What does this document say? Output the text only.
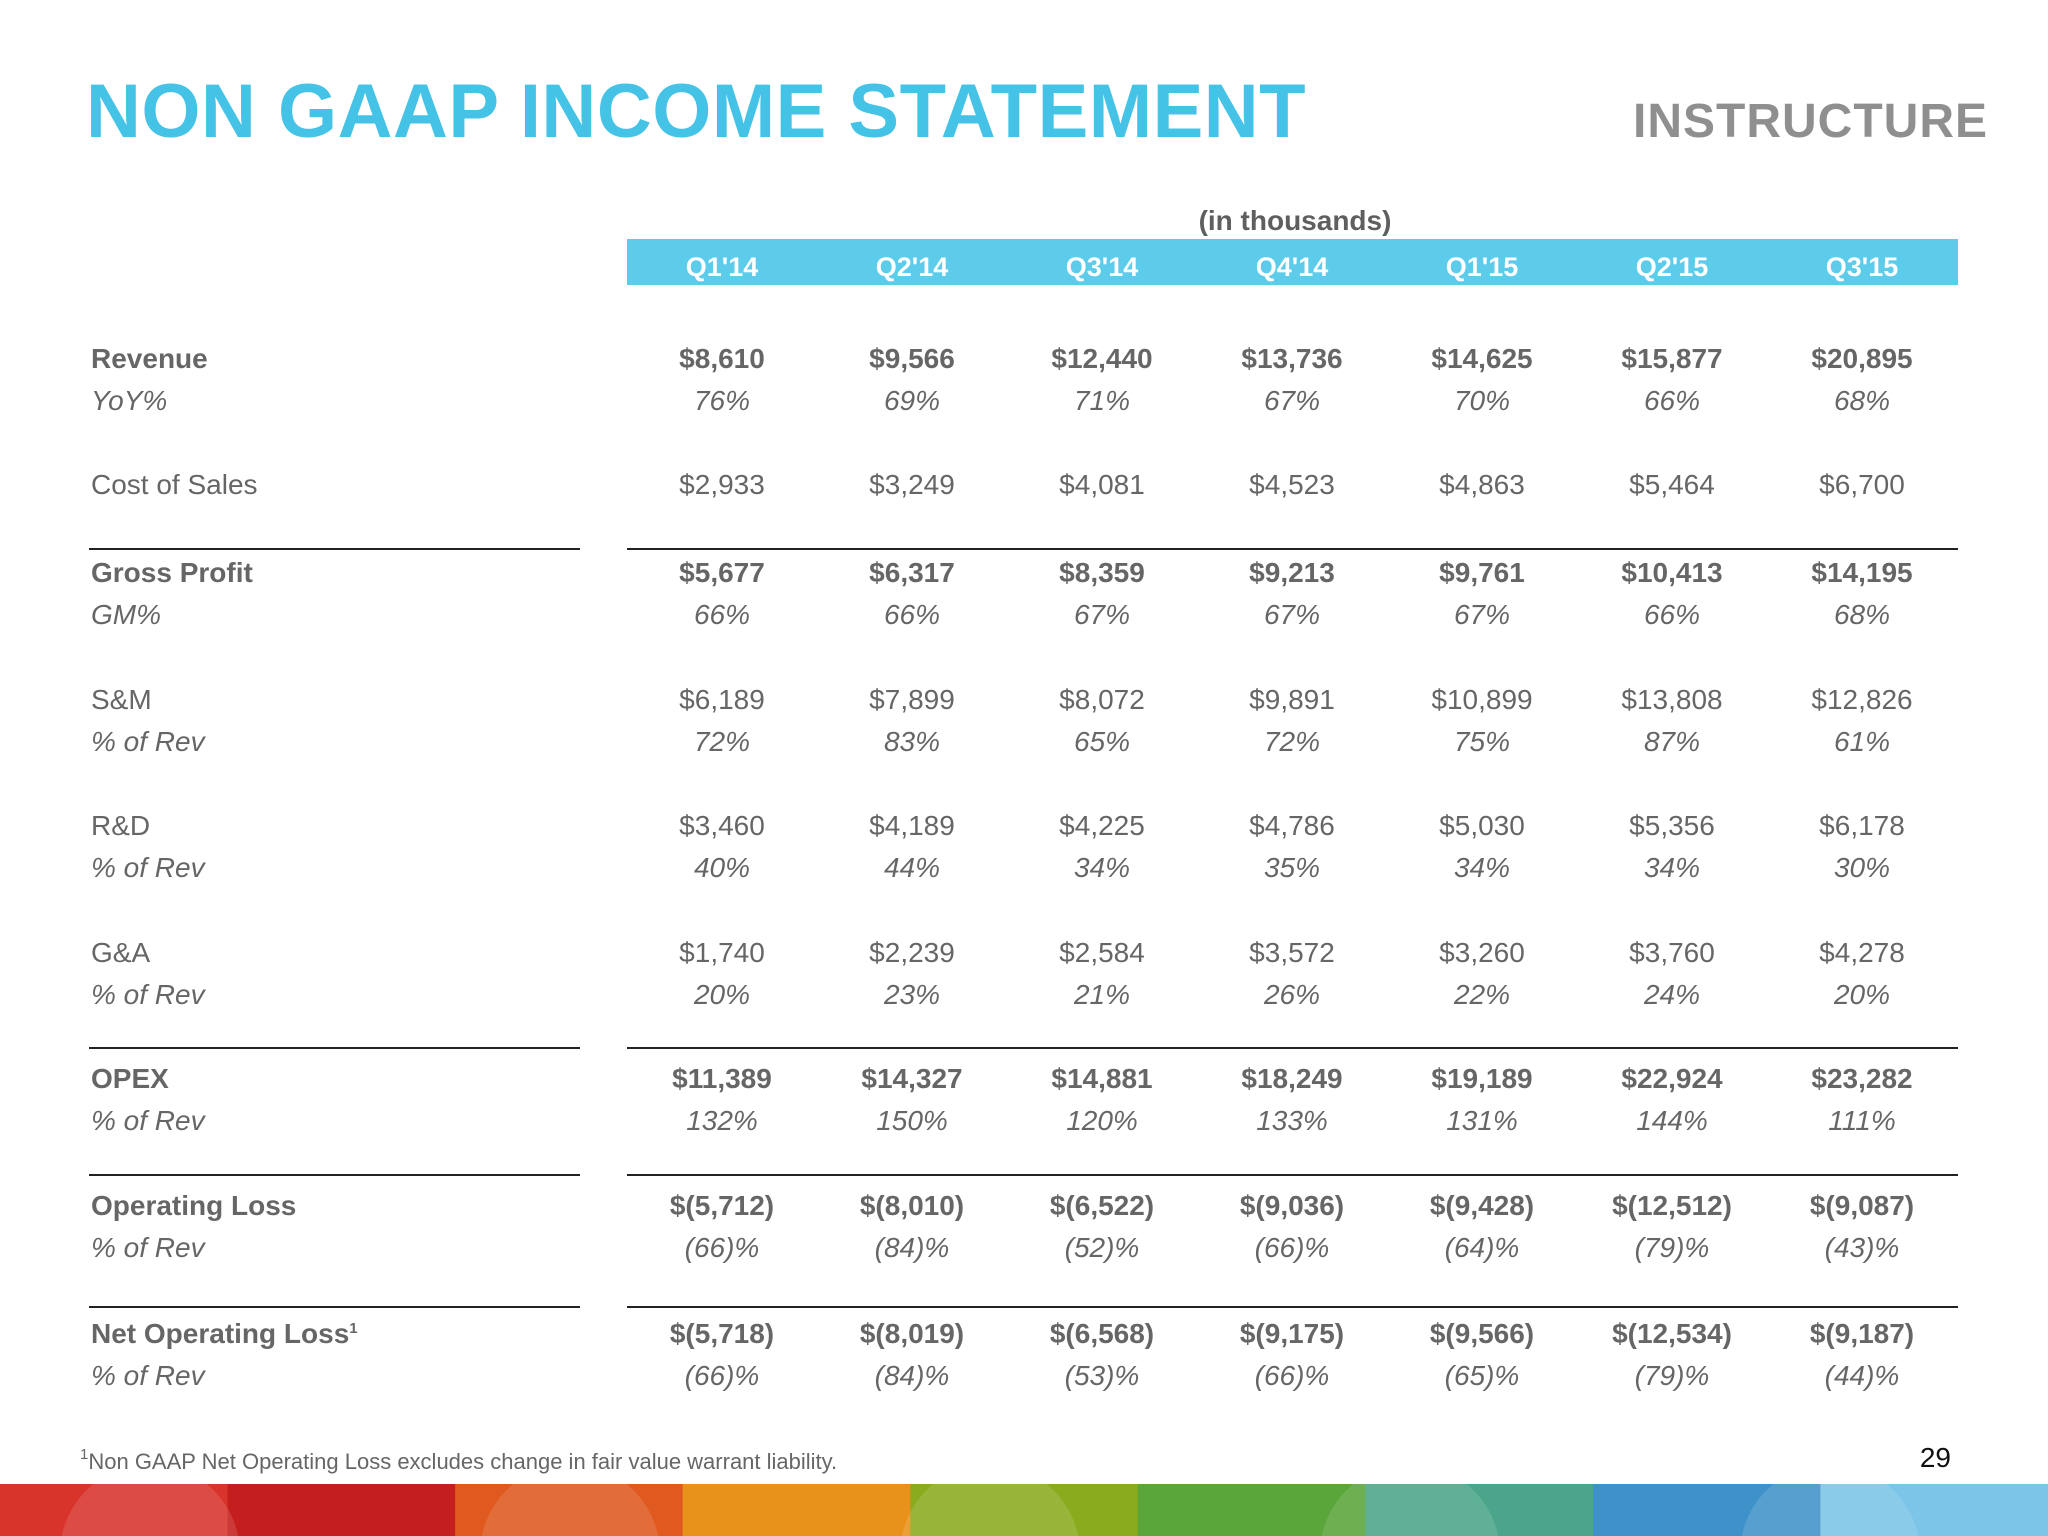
NON GAAP INCOME STATEMENT	INSTRUCTURE
(in thousands)
Q1'14	Q2'14	Q3'14	Q4'14	Q1'15	Q2'15	Q3'15
Revenue	$8,610	$9,566	$12,440	$13,736	$14,625	$15,877	$20,895
YoY%	76%	69%	71%	67%	70%	66%	68%
Cost of Sales	$2,933	$3,249	$4,081	$4,523	$4,863	$5,464	$6,700
Gross Profit	$5,677	$6,317	$8,359	$9,213	$9,761	$10,413	$14,195
GM%	66%	66%	67%	67%	67%	66%	68%
S&M	$6,189	$7,899	$8,072	$9,891	$10,899	$13,808	$12,826
% of Rev	72%	83%	65%	72%	75%	87%	61%
R&D	$3,460	$4,189	$4,225	$4,786	$5,030	$5,356	$6,178
% of Rev	40%	44%	34%	35%	34%	34%	30%
G&A	$1,740	$2,239	$2,584	$3,572	$3,260	$3,760	$4,278
% of Rev	20%	23%	21%	26%	22%	24%	20%
OPEX	$11,389	$14,327	$14,881	$18,249	$19,189	$22,924	$23,282
% of Rev	132%	150%	120%	133%	131%	144%	111%
Operating Loss	$(5,712)	$(8,010)	$(6,522)	$(9,036)	$(9,428)	$(12,512)	$(9,087)
% of Rev	(66)%	(84)%	(52)%	(66)%	(64)%	(79)%	(43)%
Net Operating Loss$^1$	$(5,718)	$(8,019)	$(6,568)	$(9,175)	$(9,566)	$(12,534)	$(9,187)
% of Rev	(66)%	(84)%	(53)%	(66)%	(65)%	(79)%	(44)%
$^1$Non GAAP Net Operating Loss excludes change in fair value warrant liability.	29
